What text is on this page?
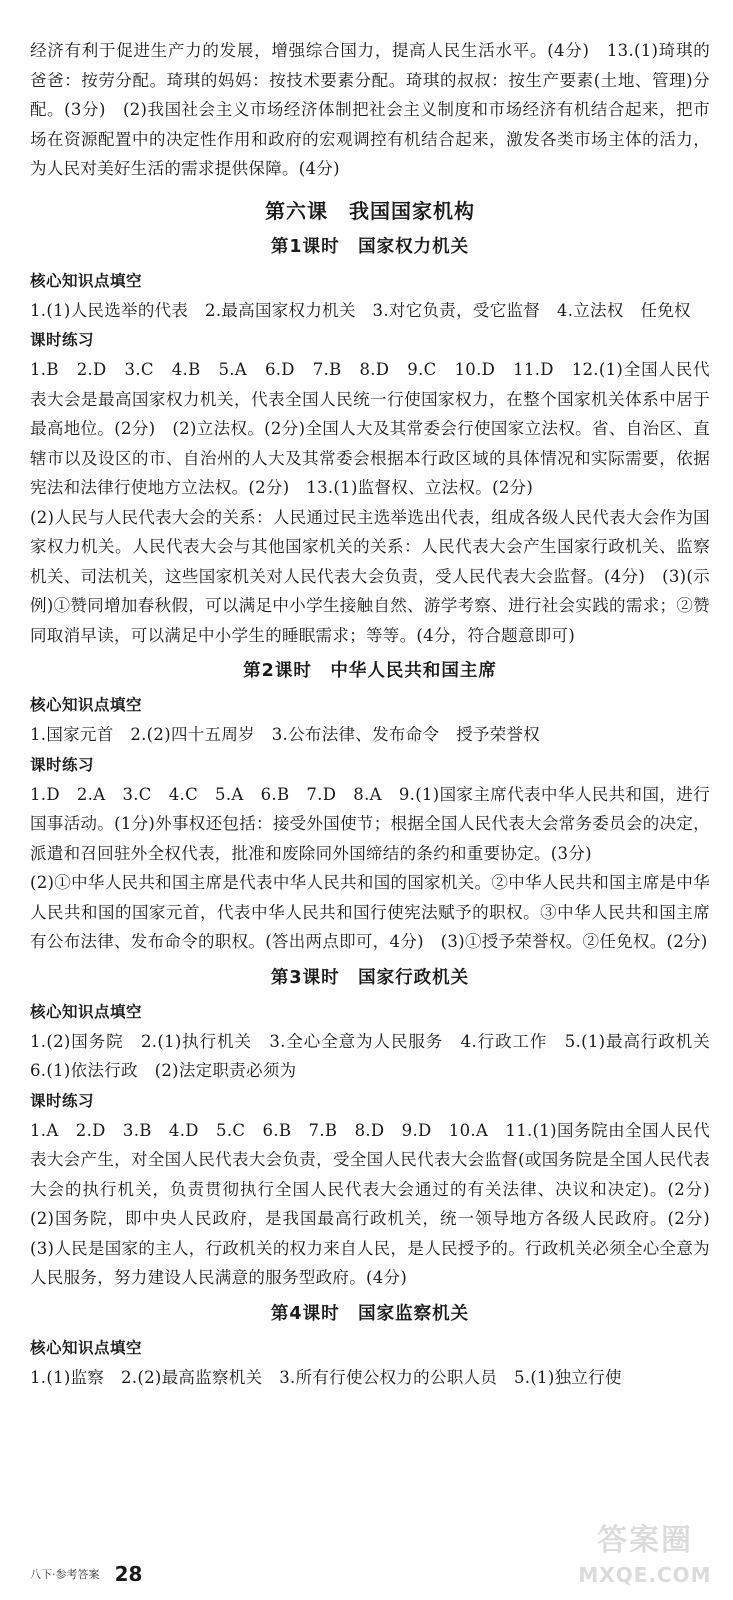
经济有利于促进生产力的发展，增强综合国力，提高人民生活水平。(4分)　13.(1)琦琪的爸爸：按劳分配。琦琪的妈妈：按技术要素分配。琦琪的叔叔：按生产要素(土地、管理)分配。(3分)　(2)我国社会主义市场经济体制把社会主义制度和市场经济有机结合起来，把市场在资源配置中的决定性作用和政府的宏观调控有机结合起来，激发各类市场主体的活力，为人民对美好生活的需求提供保障。(4分)
第六课　我国国家机构
第1课时　国家权力机关
核心知识点填空
1.(1)人民选举的代表　2.最高国家权力机关　3.对它负责，受它监督　4.立法权　任免权
课时练习
1.B　2.D　3.C　4.B　5.A　6.D　7.B　8.D　9.C　10.D　11.D　12.(1)全国人民代表大会是最高国家权力机关，代表全国人民统一行使国家权力，在整个国家机关体系中居于最高地位。(2分)　(2)立法权。(2分)全国人大及其常委会行使国家立法权。省、自治区、直辖市以及设区的市、自治州的人大及其常委会根据本行政区域的具体情况和实际需要，依据宪法和法律行使地方立法权。(2分)　13.(1)监督权、立法权。(2分)
(2)人民与人民代表大会的关系：人民通过民主选举选出代表，组成各级人民代表大会作为国家权力机关。人民代表大会与其他国家机关的关系：人民代表大会产生国家行政机关、监察机关、司法机关，这些国家机关对人民代表大会负责，受人民代表大会监督。(4分)　(3)(示例)①赞同增加春秋假，可以满足中小学生接触自然、游学考察、进行社会实践的需求；②赞同取消早读，可以满足中小学生的睡眠需求；等等。(4分，符合题意即可)
第2课时　中华人民共和国主席
核心知识点填空
1.国家元首　2.(2)四十五周岁　3.公布法律、发布命令　授予荣誉权
课时练习
1.D　2.A　3.C　4.C　5.A　6.B　7.D　8.A　9.(1)国家主席代表中华人民共和国，进行国事活动。(1分)外事权还包括：接受外国使节；根据全国人民代表大会常务委员会的决定，派遣和召回驻外全权代表，批准和废除同外国缔结的条约和重要协定。(3分)
(2)①中华人民共和国主席是代表中华人民共和国的国家机关。②中华人民共和国主席是中华人民共和国的国家元首，代表中华人民共和国行使宪法赋予的职权。③中华人民共和国主席有公布法律、发布命令的职权。(答出两点即可，4分)　(3)①授予荣誉权。②任免权。(2分)
第3课时　国家行政机关
核心知识点填空
1.(2)国务院　2.(1)执行机关　3.全心全意为人民服务　4.行政工作　5.(1)最高行政机关　6.(1)依法行政　(2)法定职责必须为
课时练习
1.A　2.D　3.B　4.D　5.C　6.B　7.B　8.D　9.D　10.A　11.(1)国务院由全国人民代表大会产生，对全国人民代表大会负责，受全国人民代表大会监督(或国务院是全国人民代表大会的执行机关，负责贯彻执行全国人民代表大会通过的有关法律、决议和决定)。(2分)　(2)国务院，即中央人民政府，是我国最高行政机关，统一领导地方各级人民政府。(2分)　(3)人民是国家的主人，行政机关的权力来自人民，是人民授予的。行政机关必须全心全意为人民服务，努力建设人民满意的服务型政府。(4分)
第4课时　国家监察机关
核心知识点填空
1.(1)监察　2.(2)最高监察机关　3.所有行使公权力的公职人员　5.(1)独立行使
八下·参考答案 28
答案圈
MXQE.COM
